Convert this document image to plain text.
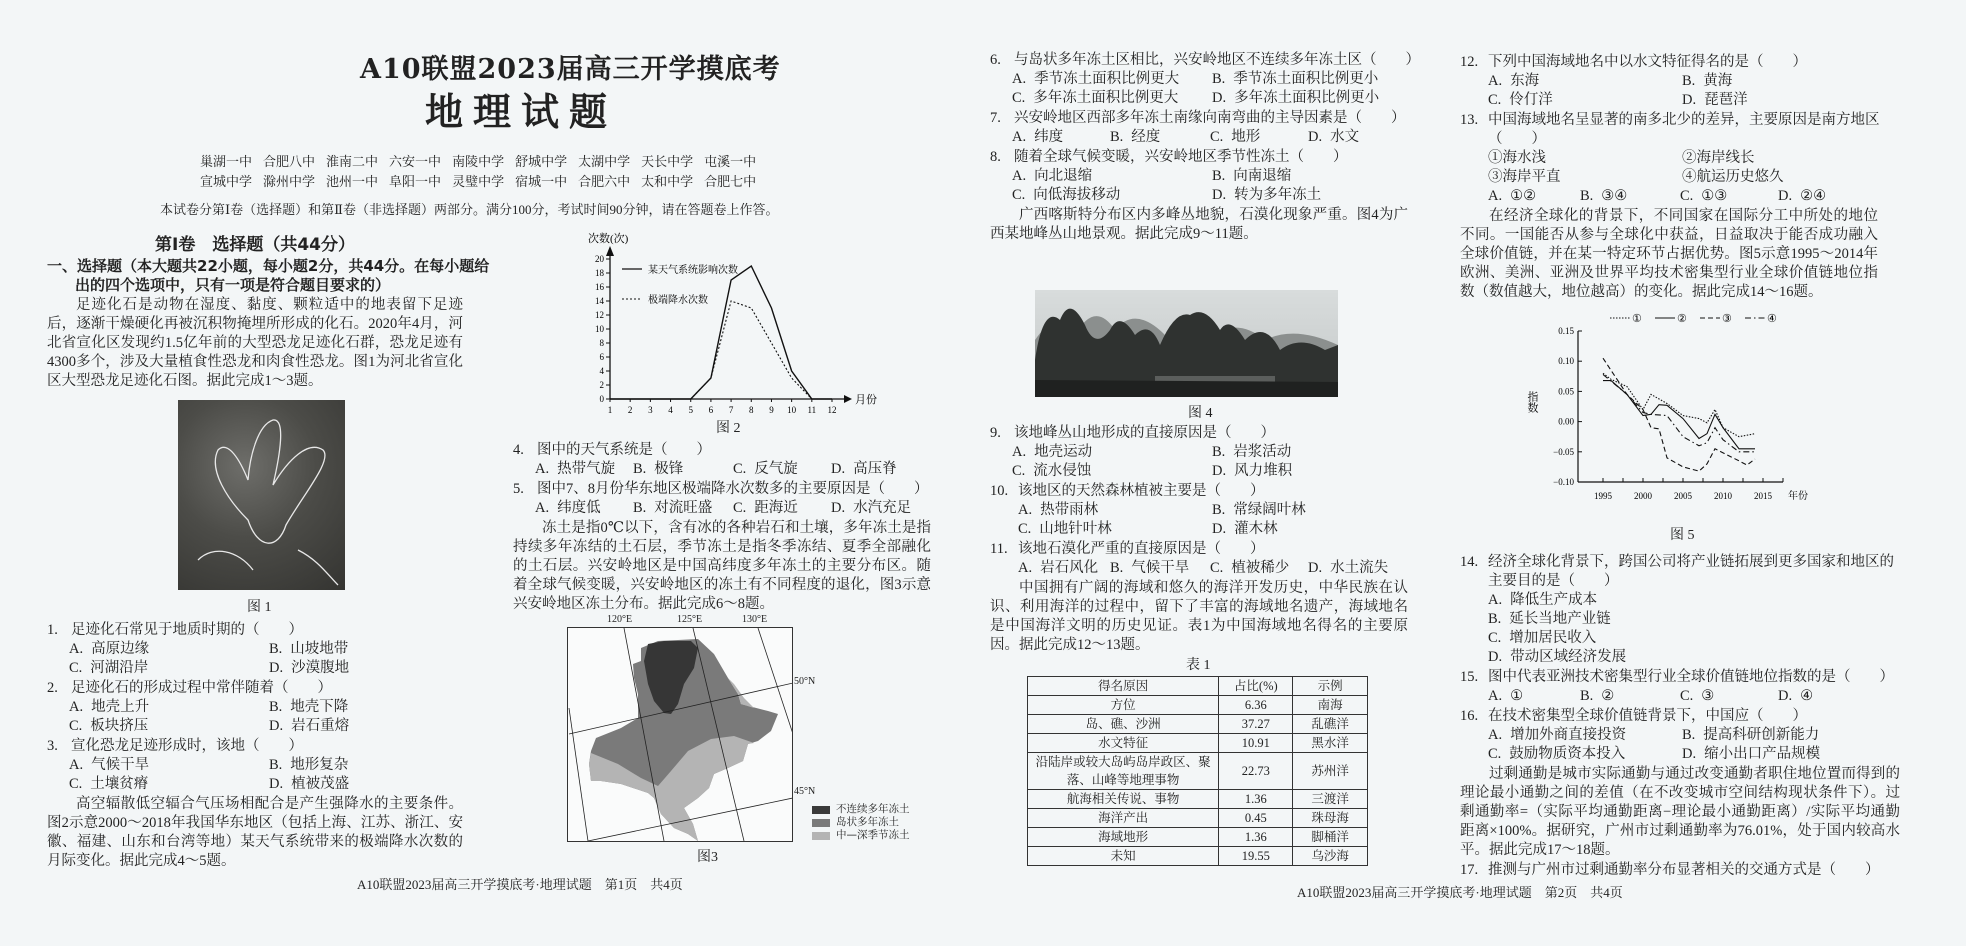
A10联盟2023届高三开学摸底考
地理试题
巢湖一中 合肥八中 淮南二中 六安一中 南陵中学 舒城中学 太湖中学 天长中学 屯溪一中
宣城中学 滁州中学 池州一中 阜阳一中 灵璧中学 宿城一中 合肥六中 太和中学 合肥七中
本试卷分第Ⅰ卷（选择题）和第Ⅱ卷（非选择题）两部分。满分100分，考试时间90分钟，请在答题卷上作答。
第Ⅰ卷　选择题（共44分）
一、选择题（本大题共22小题，每小题2分，共44分。在每小题给出的四个选项中，只有一项是符合题目要求的）
足迹化石是动物在湿度、黏度、颗粒适中的地表留下足迹后，逐渐干燥硬化再被沉积物掩埋所形成的化石。2020年4月，河北省宣化区发现约1.5亿年前的大型恐龙足迹化石群，恐龙足迹有4300多个，涉及大量植食性恐龙和肉食性恐龙。图1为河北省宣化区大型恐龙足迹化石图。据此完成1～3题。
高空辐散低空辐合气压场相配合是产生强降水的主要条件。图2示意2000～2018年我国华东地区（包括上海、江苏、浙江、安徽、福建、山东和台湾等地）某天气系统带来的极端降水次数的月际变化。据此完成4～5题。
冻土是指0℃以下，含有冰的各种岩石和土壤，多年冻土是指持续多年冻结的土石层，季节冻土是指冬季冻结、夏季全部融化的土石层。兴安岭地区是中国高纬度多年冻土的主要分布区。随着全球气候变暖，兴安岭地区的冻土有不同程度的退化，图3示意兴安岭地区冻土分布。据此完成6～8题。
广西喀斯特分布区内多峰丛地貌，石漠化现象严重。图4为广西某地峰丛山地景观。据此完成9～11题。
中国拥有广阔的海域和悠久的海洋开发历史，中华民族在认识、利用海洋的过程中，留下了丰富的海域地名遗产，海域地名是中国海洋文明的历史见证。表1为中国海域地名得名的主要原因。据此完成12～13题。
在经济全球化的背景下，不同国家在国际分工中所处的地位不同。一国能否从参与全球化中获益，日益取决于能否成功融入全球价值链，并在某一特定环节占据优势。图5示意1995～2014年欧洲、美洲、亚洲及世界平均技术密集型行业全球价值链地位指数（数值越大，地位越高）的变化。据此完成14～16题。
过剩通勤是城市实际通勤与通过改变通勤者职住地位置而得到的理论最小通勤之间的差值（在不改变城市空间结构现状条件下）。过剩通勤率=（实际平均通勤距离−理论最小通勤距离）/实际平均通勤距离×100%。据研究，广州市过剩通勤率为76.01%，处于国内较高水平。据此完成17～18题。
图 1
次数(次)
月份
0
2
4
6
8
10
12
14
16
18
20
1 2 3 4 5 6 7 8 9 10 11 12
某天气系统影响次数
极端降水次数
图 2
120°E	125°E	130°E
50°N
45°N
不连续多年冻土
岛状多年冻土
中—深季节冻土
图3
图 4
表 1
得名原因	占比(%)	示例
方位	6.36	南海
岛、礁、沙洲	37.27	乱礁洋
水文特征	10.91	黑水洋
沿陆岸或较大岛屿岛岸政区、聚落、山峰等地理事物	22.73	苏州洋
航海相关传说、事物	1.36	三渡洋
海洋产出	0.45	珠母海
海域地形	1.36	脚桶洋
未知	19.55	乌沙海
0.15
0.10
0.05
0.00
−0.05
−0.10
1995 2000 2005 2010 2015 年份
指数
①	②	③	④
图 5
1. 足迹化石常见于地质时期的（　　）
A. 高原边缘	B. 山坡地带
C. 河湖沿岸	D. 沙漠腹地
2. 足迹化石的形成过程中常伴随着（　　）
A. 地壳上升	B. 地壳下降
C. 板块挤压	D. 岩石重熔
3. 宣化恐龙足迹形成时，该地（　　）
A. 气候干旱	B. 地形复杂
C. 土壤贫瘠	D. 植被茂盛
4. 图中的天气系统是（　　）
A. 热带气旋 B. 极锋	C. 反气旋 D. 高压脊
5. 图中7、8月份华东地区极端降水次数多的主要原因是（　　）
A. 纬度低 B. 对流旺盛 C. 距海近 D. 水汽充足
6. 与岛状多年冻土区相比，兴安岭地区不连续多年冻土区（　　）
A. 季节冻土面积比例更大 B. 季节冻土面积比例更小
C. 多年冻土面积比例更大 D. 多年冻土面积比例更小
7. 兴安岭地区西部多年冻土南缘向南弯曲的主导因素是（　　）
A. 纬度	B. 经度	C. 地形	D. 水文
8. 随着全球气候变暖，兴安岭地区季节性冻土（　　）
A. 向北退缩	B. 向南退缩
C. 向低海拔移动	D. 转为多年冻土
9. 该地峰丛山地形成的直接原因是（　　）
A. 地壳运动	B. 岩浆活动
C. 流水侵蚀	D. 风力堆积
10. 该地区的天然森林植被主要是（　　）
A. 热带雨林	B. 常绿阔叶林
C. 山地针叶林	D. 灌木林
11. 该地石漠化严重的直接原因是（　　）
A. 岩石风化 B. 气候干旱 C. 植被稀少 D. 水土流失
12. 下列中国海域地名中以水文特征得名的是（　　）
A. 东海	B. 黄海
C. 伶仃洋	D. 琵琶洋
13. 中国海域地名呈显著的南多北少的差异，主要原因是南方地区（　　）
①海水浅	②海岸线长
③海岸平直	④航运历史悠久
A. ①②	B. ③④	C. ①③	D. ②④
14. 经济全球化背景下，跨国公司将产业链拓展到更多国家和地区的主要目的是（　　）
A. 降低生产成本
B. 延长当地产业链
C. 增加居民收入
D. 带动区域经济发展
15. 图中代表亚洲技术密集型行业全球价值链地位指数的是（　　）
A. ①	B. ②	C. ③	D. ④
16. 在技术密集型全球价值链背景下，中国应（　　）
A. 增加外商直接投资	B. 提高科研创新能力
C. 鼓励物质资本投入	D. 缩小出口产品规模
17. 推测与广州市过剩通勤率分布显著相关的交通方式是（　　）
A10联盟2023届高三开学摸底考·地理试题　第1页　共4页
A10联盟2023届高三开学摸底考·地理试题　第2页　共4页
